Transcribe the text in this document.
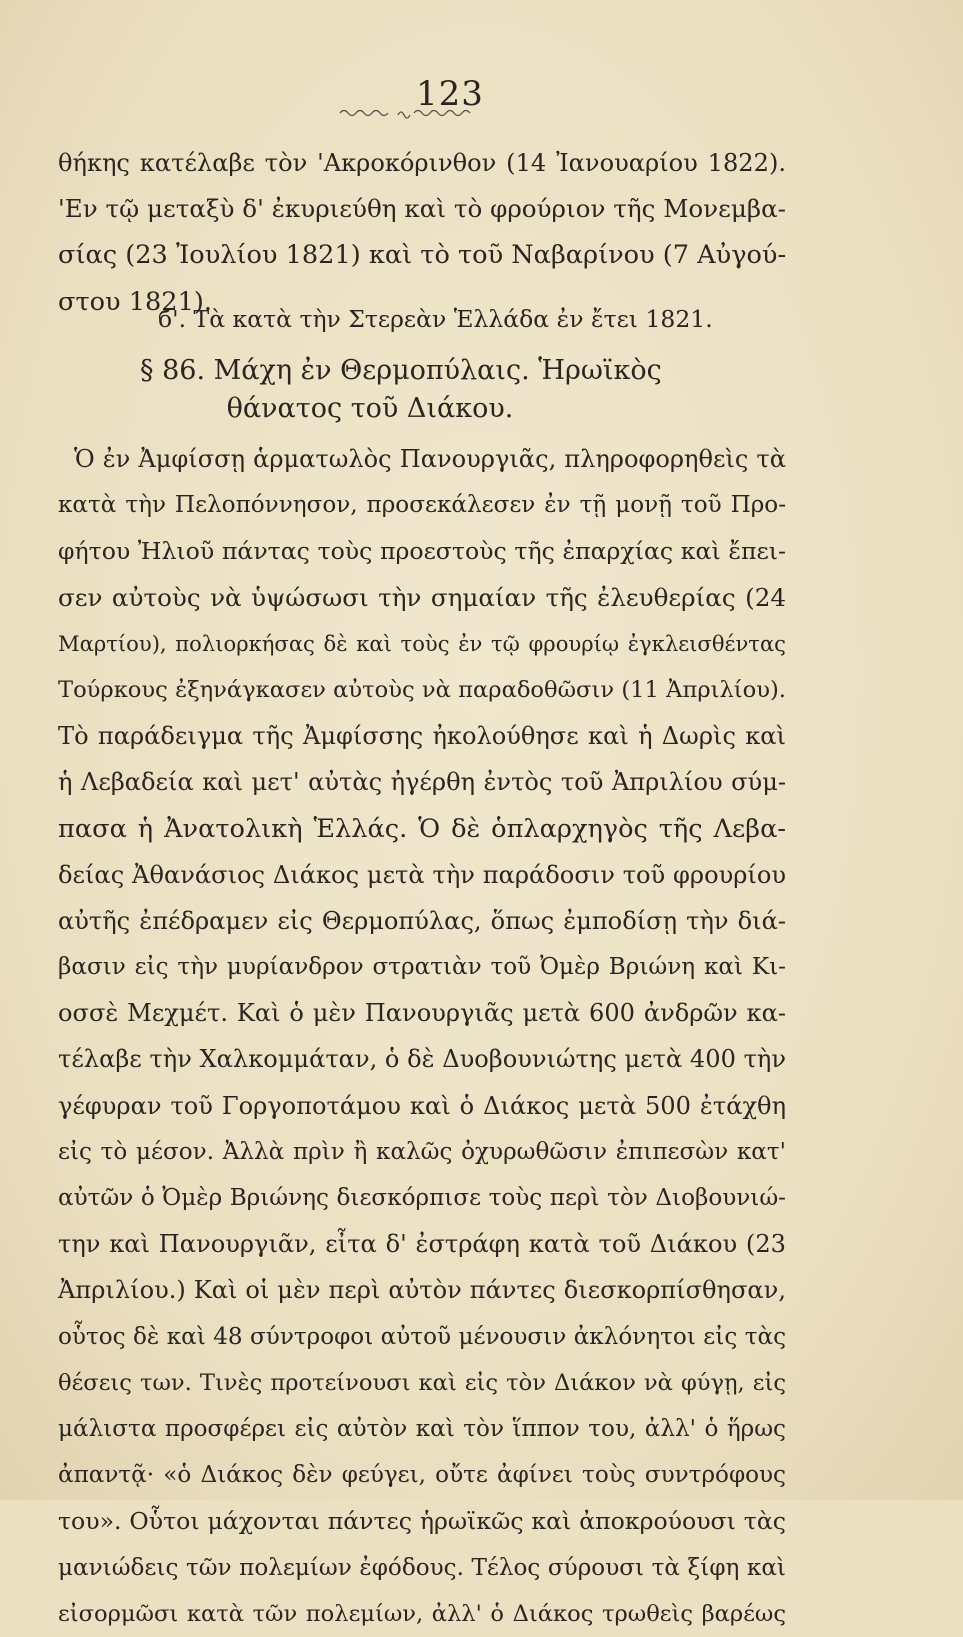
123
θήκης κατέλαβε τὸν 'Ακροκόρινθον (14 Ἰανουαρίου 1822).
'Εν τῷ μεταξὺ δ' ἐκυριεύθη καὶ τὸ φρούριον τῆς Μονεμβα-
σίας (23 Ἰουλίου 1821) καὶ τὸ τοῦ Ναβαρίνου (7 Αὐγού-
στου 1821).
б'. Τὰ κατὰ τὴν Στερεὰν Ἑλλάδα ἐν ἔτει 1821.
§ 86. Μάχη ἐν Θερμοπύλαις. Ἡρωϊκὸς
θάνατος τοῦ Διάκου.
Ὁ ἐν Ἀμφίσσῃ ἁρματωλὸς Πανουργιᾶς, πληροφορηθεὶς τὰ
κατὰ τὴν Πελοπόννησον, προσεκάλεσεν ἐν τῇ μονῇ τοῦ Προ-
φήτου Ἠλιοῦ πάντας τοὺς προεστοὺς τῆς ἐπαρχίας καὶ ἔπει-
σεν αὐτοὺς νὰ ὑψώσωσι τὴν σημαίαν τῆς ἐλευθερίας (24
Μαρτίου), πολιορκήσας δὲ καὶ τοὺς ἐν τῷ φρουρίῳ ἐγκλεισθέντας
Τούρκους ἐξηνάγκασεν αὐτοὺς νὰ παραδοθῶσιν (11 Ἀπριλίου).
Τὸ παράδειγμα τῆς Ἀμφίσσης ἠκολούθησε καὶ ἡ Δωρὶς καὶ
ἡ Λεβαδεία καὶ μετ' αὐτὰς ἠγέρθη ἐντὸς τοῦ Ἀπριλίου σύμ-
πασα ἡ Ἀνατολικὴ Ἑλλάς. Ὁ δὲ ὁπλαρχηγὸς τῆς Λεβα-
δείας Ἀθανάσιος Διάκος μετὰ τὴν παράδοσιν τοῦ φρουρίου
αὐτῆς ἐπέδραμεν εἰς Θερμοπύλας, ὅπως ἐμποδίσῃ τὴν διά-
βασιν εἰς τὴν μυρίανδρον στρατιὰν τοῦ Ὀμὲρ Βριώνη καὶ Κι-
οσσὲ Μεχμέτ. Καὶ ὁ μὲν Πανουργιᾶς μετὰ 600 ἀνδρῶν κα-
τέλαβε τὴν Χαλκομμάταν, ὁ δὲ Δυοβουνιώτης μετὰ 400 τὴν
γέφυραν τοῦ Γοργοποτάμου καὶ ὁ Διάκος μετὰ 500 ἐτάχθη
εἰς τὸ μέσον. Ἀλλὰ πρὶν ἢ καλῶς ὀχυρωθῶσιν ἐπιπεσὼν κατ'
αὐτῶν ὁ Ὀμὲρ Βριώνης διεσκόρπισε τοὺς περὶ τὸν Διοβουνιώ-
την καὶ Πανουργιᾶν, εἶτα δ' ἐστράφη κατὰ τοῦ Διάκου (23
Ἀπριλίου.) Καὶ οἱ μὲν περὶ αὐτὸν πάντες διεσκορπίσθησαν,
οὗτος δὲ καὶ 48 σύντροφοι αὐτοῦ μένουσιν ἀκλόνητοι εἰς τὰς
θέσεις των. Τινὲς προτείνουσι καὶ εἰς τὸν Διάκον νὰ φύγῃ, εἰς
μάλιστα προσφέρει εἰς αὐτὸν καὶ τὸν ἵππον του, ἀλλ' ὁ ἥρως
ἀπαντᾷ· «ὁ Διάκος δὲν φεύγει, οὔτε ἀφίνει τοὺς συντρόφους
του». Οὗτοι μάχονται πάντες ἡρωϊκῶς καὶ ἀποκρούουσι τὰς
μανιώδεις τῶν πολεμίων ἐφόδους. Τέλος σύρουσι τὰ ξίφη καὶ
εἰσορμῶσι κατὰ τῶν πολεμίων, ἀλλ' ὁ Διάκος τρωθεὶς βαρέως
